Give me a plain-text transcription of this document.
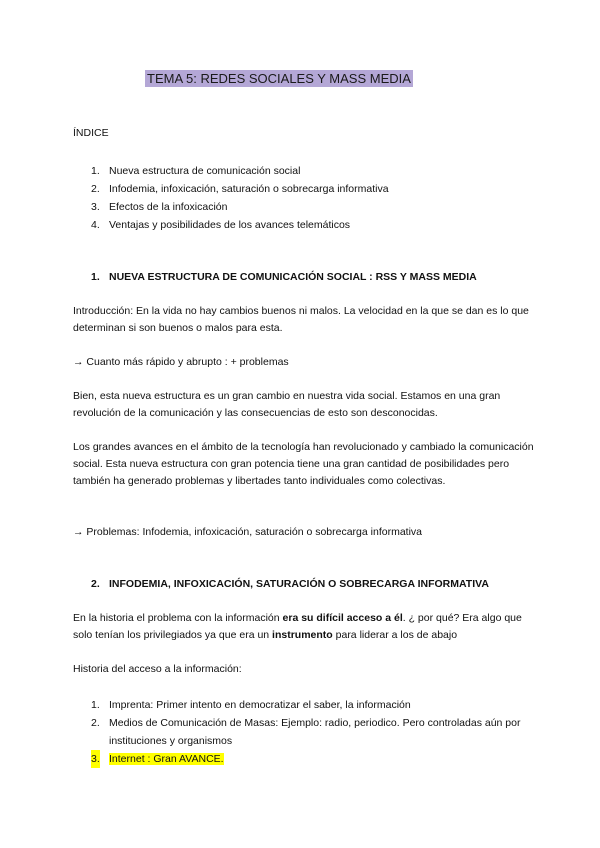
TEMA 5: REDES SOCIALES Y MASS MEDIA
ÍNDICE
1. Nueva estructura de comunicación social
2. Infodemia, infoxicación, saturación o sobrecarga informativa
3. Efectos de la infoxicación
4. Ventajas y posibilidades de los avances telemáticos
1. NUEVA ESTRUCTURA DE COMUNICACIÓN SOCIAL : RSS Y MASS MEDIA
Introducción: En la vida no hay cambios buenos ni malos. La velocidad en la que se dan es lo que determinan si son buenos o malos para esta.
→ Cuanto más rápido y abrupto : + problemas
Bien, esta nueva estructura es un gran cambio en nuestra vida social. Estamos en una gran revolución de la comunicación y las consecuencias de esto son desconocidas.
Los grandes avances en el ámbito de la tecnología han revolucionado y cambiado la comunicación social. Esta nueva estructura con gran potencia tiene una gran cantidad de posibilidades pero también ha generado problemas y libertades tanto individuales como colectivas.
→ Problemas: Infodemia, infoxicación, saturación o sobrecarga informativa
2. INFODEMIA, INFOXICACIÓN, SATURACIÓN O SOBRECARGA INFORMATIVA
En la historia el problema con la información era su difícil acceso a él. ¿ por qué? Era algo que solo tenían los privilegiados ya que era un instrumento para liderar a los de abajo
Historia del acceso a la información:
1. Imprenta: Primer intento en democratizar el saber, la información
2. Medios de Comunicación de Masas: Ejemplo: radio, periodico. Pero controladas aún por instituciones y organismos
3. Internet : Gran AVANCE.
